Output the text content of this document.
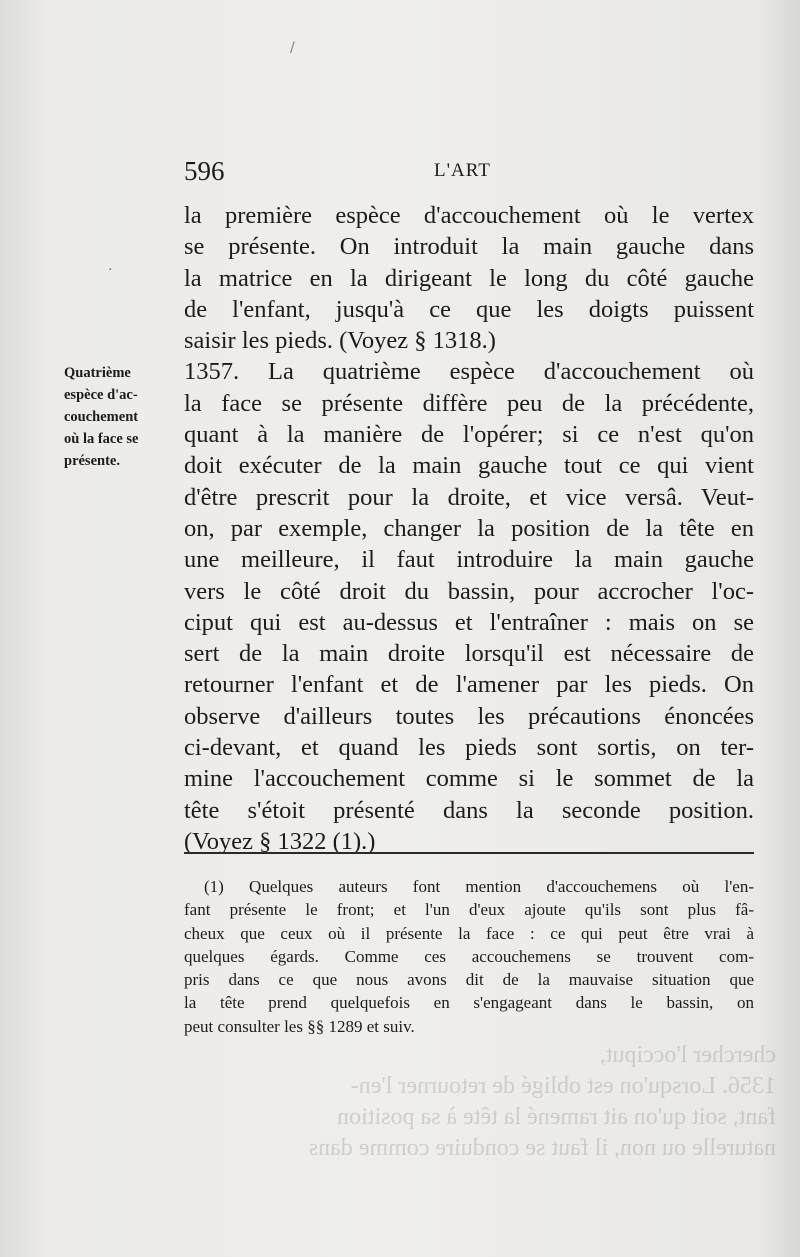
chercher l'occiput,
1356. Lorsqu'on est obligé de retourner l'en-
fant, soit qu'on ait ramené la tête à sa position
naturelle ou non, il faut se conduire comme dans
596	L'ART
Quatrième
espèce d'ac-
couchement
où la face se
présente.
la première espèce d'accouchement où le vertex
se présente. On introduit la main gauche dans
la matrice en la dirigeant le long du côté gauche
de l'enfant, jusqu'à ce que les doigts puissent
saisir les pieds. (Voyez § 1318.)
1357. La quatrième espèce d'accouchement où
la face se présente diffère peu de la précédente,
quant à la manière de l'opérer; si ce n'est qu'on
doit exécuter de la main gauche tout ce qui vient
d'être prescrit pour la droite, et vice versâ. Veut-
on, par exemple, changer la position de la tête en
une meilleure, il faut introduire la main gauche
vers le côté droit du bassin, pour accrocher l'oc-
ciput qui est au-dessus et l'entraîner : mais on se
sert de la main droite lorsqu'il est nécessaire de
retourner l'enfant et de l'amener par les pieds. On
observe d'ailleurs toutes les précautions énoncées
ci-devant, et quand les pieds sont sortis, on ter-
mine l'accouchement comme si le sommet de la
tête s'étoit présenté dans la seconde position.
(Voyez § 1322 (1).)
(1) Quelques auteurs font mention d'accouchemens où l'en-
fant présente le front; et l'un d'eux ajoute qu'ils sont plus fâ-
cheux que ceux où il présente la face : ce qui peut être vrai à
quelques égards. Comme ces accouchemens se trouvent com-
pris dans ce que nous avons dit de la mauvaise situation que
la tête prend quelquefois en s'engageant dans le bassin, on
peut consulter les §§ 1289 et suiv.
·
/
